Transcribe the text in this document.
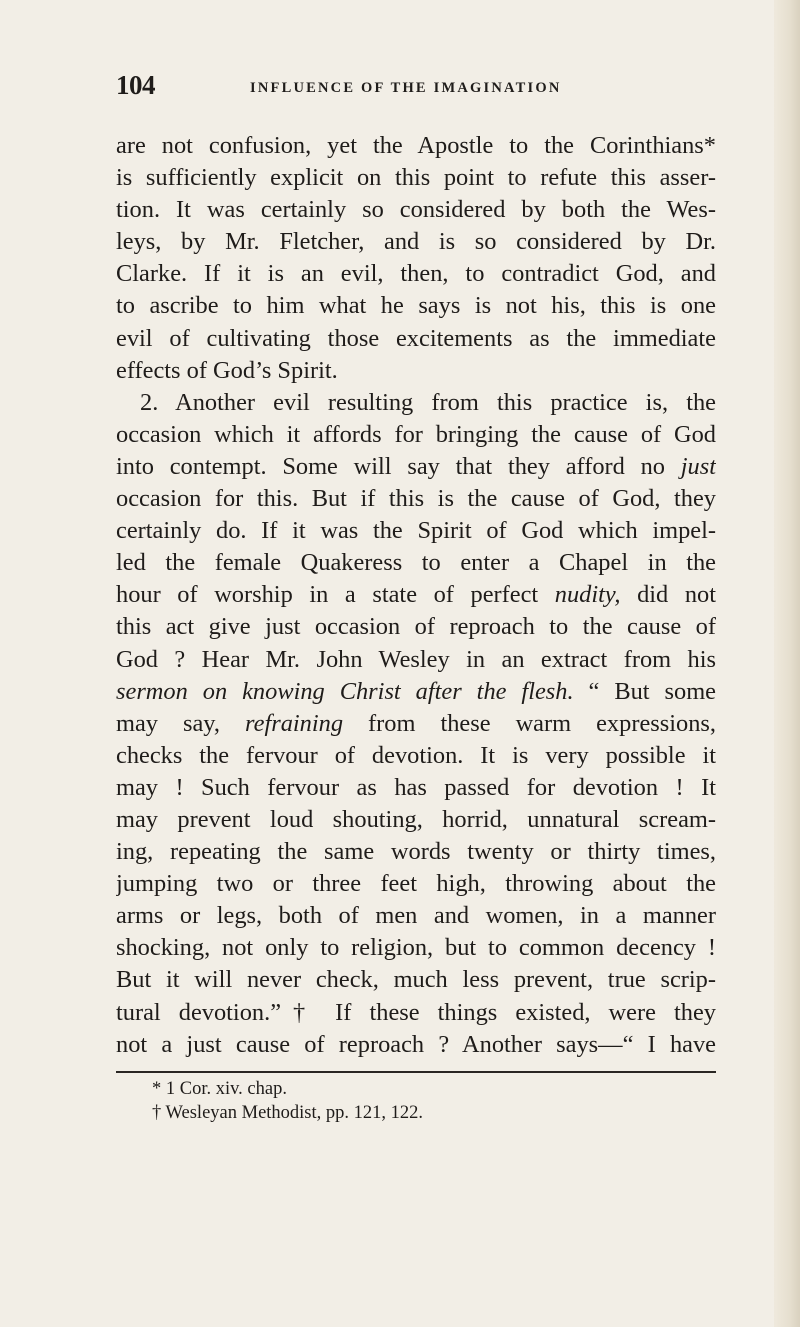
104	INFLUENCE OF THE IMAGINATION
are not confusion, yet the Apostle to the Corinthians*
is sufficiently explicit on this point to refute this asser-
tion. It was certainly so considered by both the Wes-
leys, by Mr. Fletcher, and is so considered by Dr.
Clarke. If it is an evil, then, to contradict God, and
to ascribe to him what he says is not his, this is one
evil of cultivating those excitements as the immediate
effects of God’s Spirit.
2. Another evil resulting from this practice is, the
occasion which it affords for bringing the cause of God
into contempt. Some will say that they afford no just
occasion for this. But if this is the cause of God, they
certainly do. If it was the Spirit of God which impel-
led the female Quakeress to enter a Chapel in the
hour of worship in a state of perfect nudity, did not
this act give just occasion of reproach to the cause of
God ? Hear Mr. John Wesley in an extract from his
sermon on knowing Christ after the flesh. “ But some
may say, refraining from these warm expressions,
checks the fervour of devotion. It is very possible it
may ! Such fervour as has passed for devotion ! It
may prevent loud shouting, horrid, unnatural scream-
ing, repeating the same words twenty or thirty times,
jumping two or three feet high, throwing about the
arms or legs, both of men and women, in a manner
shocking, not only to religion, but to common decency !
But it will never check, much less prevent, true scrip-
tural devotion.”† If these things existed, were they
not a just cause of reproach ? Another says—“ I have
* 1 Cor. xiv. chap.
† Wesleyan Methodist, pp. 121, 122.
